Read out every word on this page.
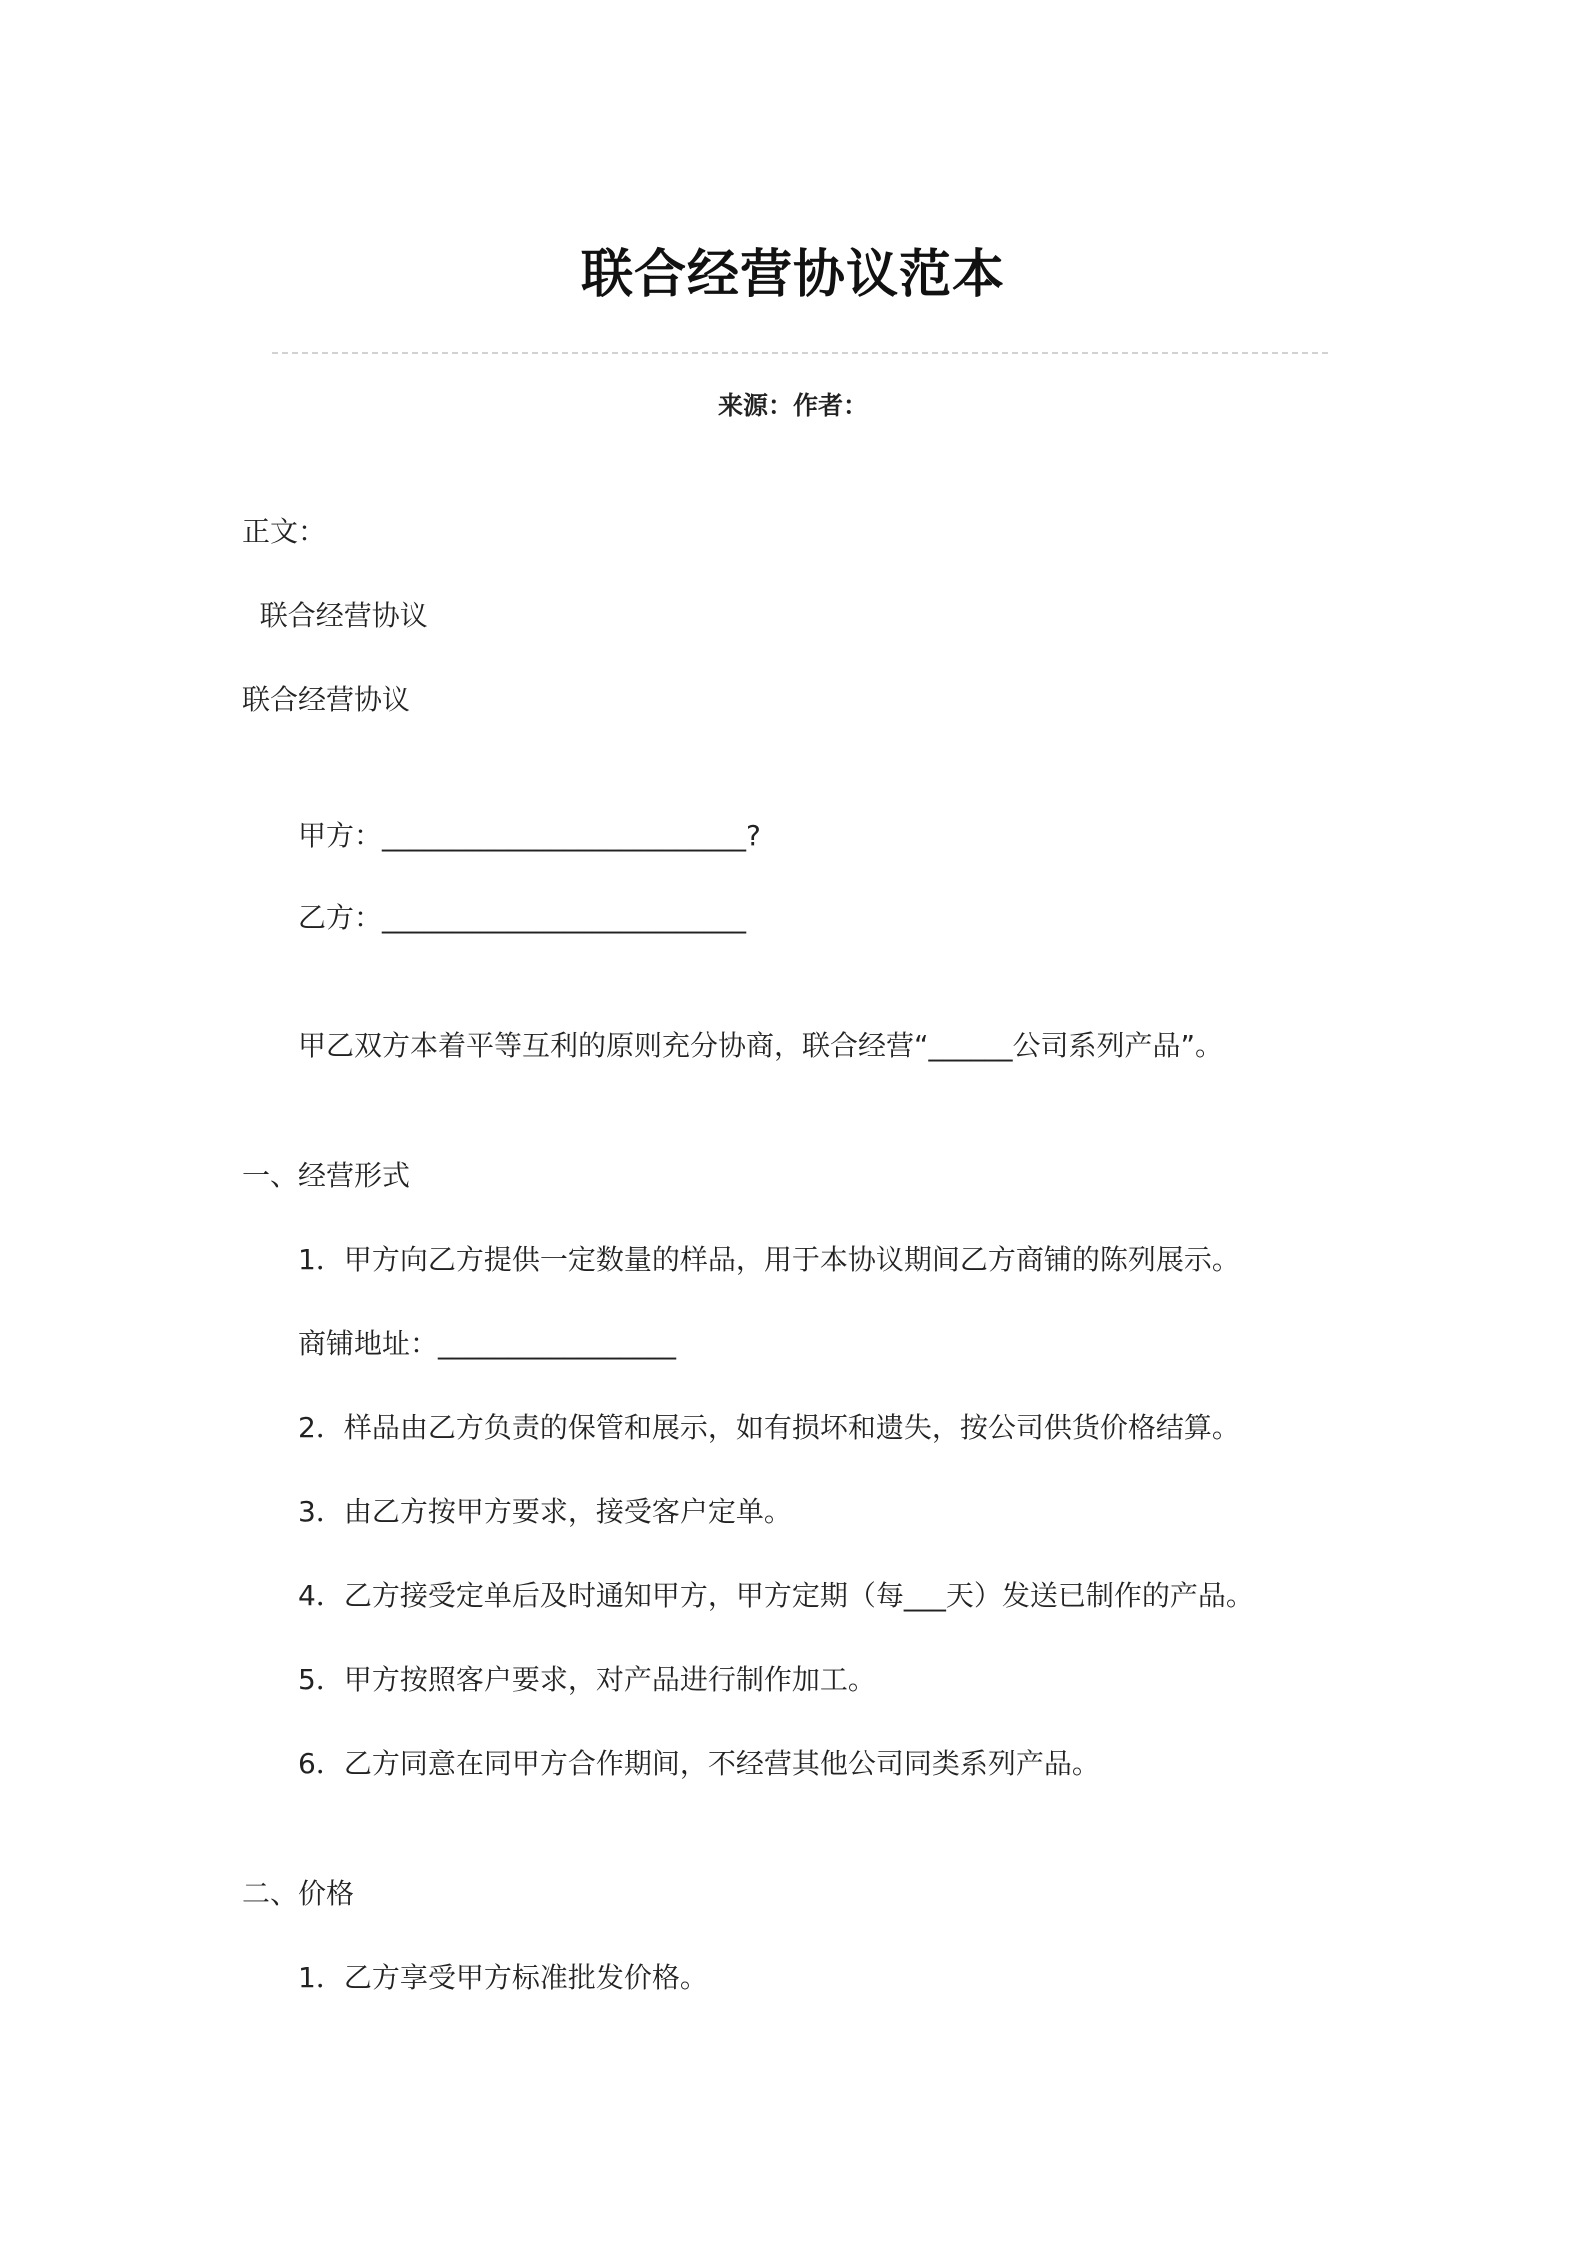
联合经营协议范本
来源：作者：
正文：
联合经营协议
联合经营协议
甲方：__________________________?
乙方：__________________________
甲乙双方本着平等互利的原则充分协商，联合经营“______公司系列产品”。
一、经营形式
1．甲方向乙方提供一定数量的样品，用于本协议期间乙方商铺的陈列展示。
商铺地址：_________________
2．样品由乙方负责的保管和展示，如有损坏和遗失，按公司供货价格结算。
3．由乙方按甲方要求，接受客户定单。
4．乙方接受定单后及时通知甲方，甲方定期（每___天）发送已制作的产品。
5．甲方按照客户要求，对产品进行制作加工。
6．乙方同意在同甲方合作期间，不经营其他公司同类系列产品。
二、价格
1．乙方享受甲方标准批发价格。
